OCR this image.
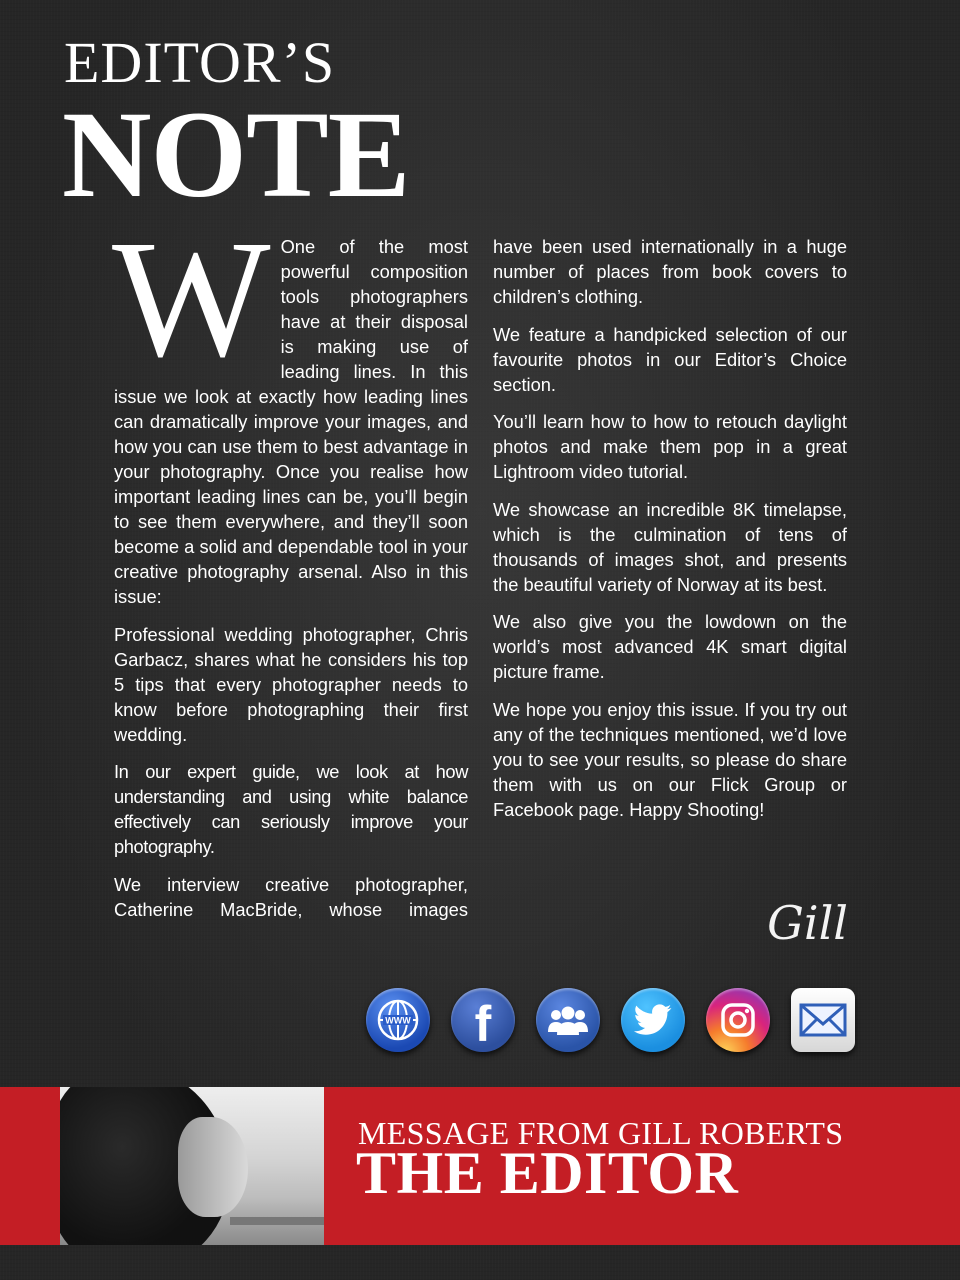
EDITOR’S
NOTE

W One of the most powerful composition tools photographers have at their disposal is making use of leading lines. In this issue we look at exactly how leading lines can dramatically improve your images, and how you can use them to best advantage in your photography. Once you realise how important leading lines can be, you’ll begin to see them everywhere, and they’ll soon become a solid and dependable tool in your creative photography arsenal. Also in this issue:

Professional wedding photographer, Chris Garbacz, shares what he considers his top 5 tips that every photographer needs to know before photographing their first wedding.

In our expert guide, we look at how understanding and using white balance effectively can seriously improve your photography.

We interview creative photographer, Catherine MacBride, whose images

have been used internationally in a huge number of places from book covers to children’s clothing.

We feature a handpicked selection of our favourite photos in our Editor’s Choice section.

You’ll learn how to how to retouch daylight photos and make them pop in a great Lightroom video tutorial.

We showcase an incredible 8K timelapse, which is the culmination of tens of thousands of images shot, and presents the beautiful variety of Norway at its best.

We also give you the lowdown on the world’s most advanced 4K smart digital picture frame.

We hope you enjoy this issue. If you try out any of the techniques mentioned, we’d love you to see your results, so please do share them with us on our Flick Group or Facebook page. Happy Shooting!

Gill
WWW f
MESSAGE FROM GILL ROBERTS
THE EDITOR
